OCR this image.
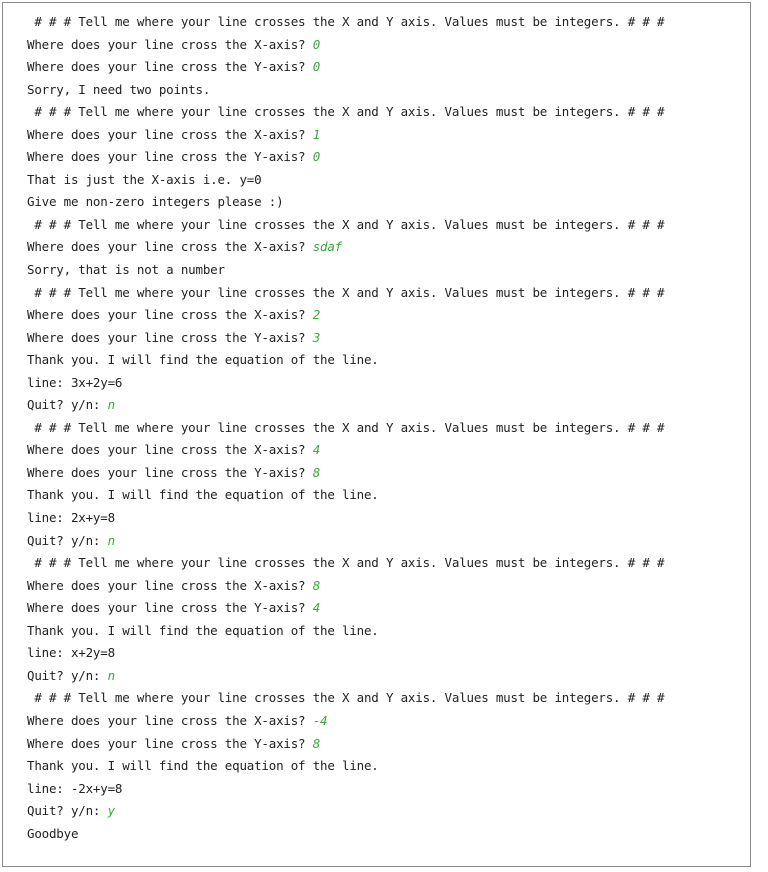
# # # Tell me where your line crosses the X and Y axis. Values must be integers. # # #
Where does your line cross the X-axis? 0
Where does your line cross the Y-axis? 0
Sorry, I need two points.
# # # Tell me where your line crosses the X and Y axis. Values must be integers. # # #
Where does your line cross the X-axis? 1
Where does your line cross the Y-axis? 0
That is just the X-axis i.e. y=0
Give me non-zero integers please :)
# # # Tell me where your line crosses the X and Y axis. Values must be integers. # # #
Where does your line cross the X-axis? sdaf
Sorry, that is not a number
# # # Tell me where your line crosses the X and Y axis. Values must be integers. # # #
Where does your line cross the X-axis? 2
Where does your line cross the Y-axis? 3
Thank you. I will find the equation of the line.
line: 3x+2y=6
Quit? y/n: n
# # # Tell me where your line crosses the X and Y axis. Values must be integers. # # #
Where does your line cross the X-axis? 4
Where does your line cross the Y-axis? 8
Thank you. I will find the equation of the line.
line: 2x+y=8
Quit? y/n: n
# # # Tell me where your line crosses the X and Y axis. Values must be integers. # # #
Where does your line cross the X-axis? 8
Where does your line cross the Y-axis? 4
Thank you. I will find the equation of the line.
line: x+2y=8
Quit? y/n: n
# # # Tell me where your line crosses the X and Y axis. Values must be integers. # # #
Where does your line cross the X-axis? -4
Where does your line cross the Y-axis? 8
Thank you. I will find the equation of the line.
line: -2x+y=8
Quit? y/n: y
Goodbye
